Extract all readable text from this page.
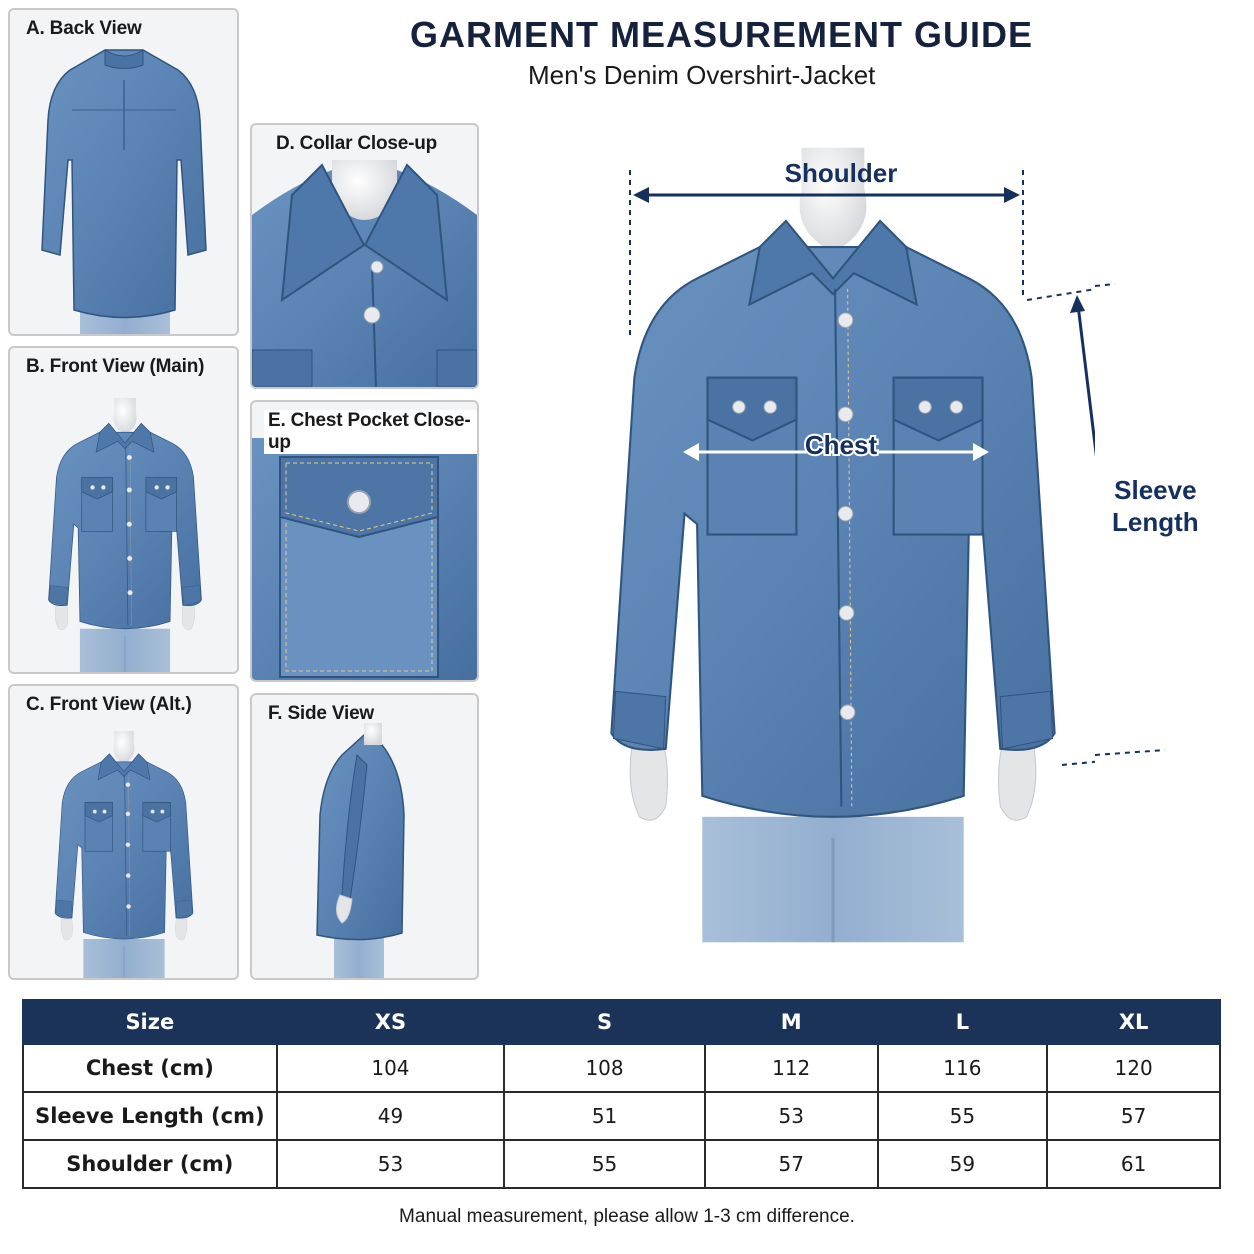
GARMENT MEASUREMENT GUIDE
Men's Denim Overshirt-Jacket
A. Back View
B. Front View (Main)
C. Front View (Alt.)
D. Collar Close-up
E. Chest Pocket Close-up
F. Side View
Shoulder
Chest
Sleeve
Length
Size	XS	S	M	L	XL
Chest (cm)	104	108	112	116	120
Sleeve Length (cm)	49	51	53	55	57
Shoulder (cm)	53	55	57	59	61
Manual measurement, please allow 1-3 cm difference.
